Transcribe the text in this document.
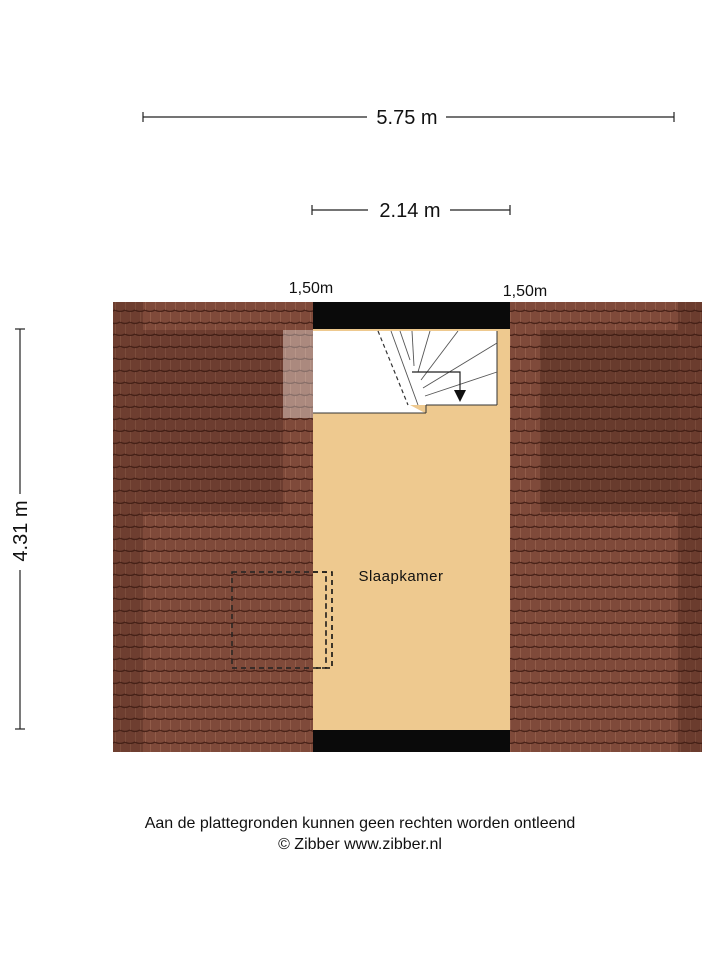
5.75 m
2.14 m
4.31 m
1,50m	1,50m
Slaapkamer
Aan de plattegronden kunnen geen rechten worden ontleend
© Zibber www.zibber.nl
